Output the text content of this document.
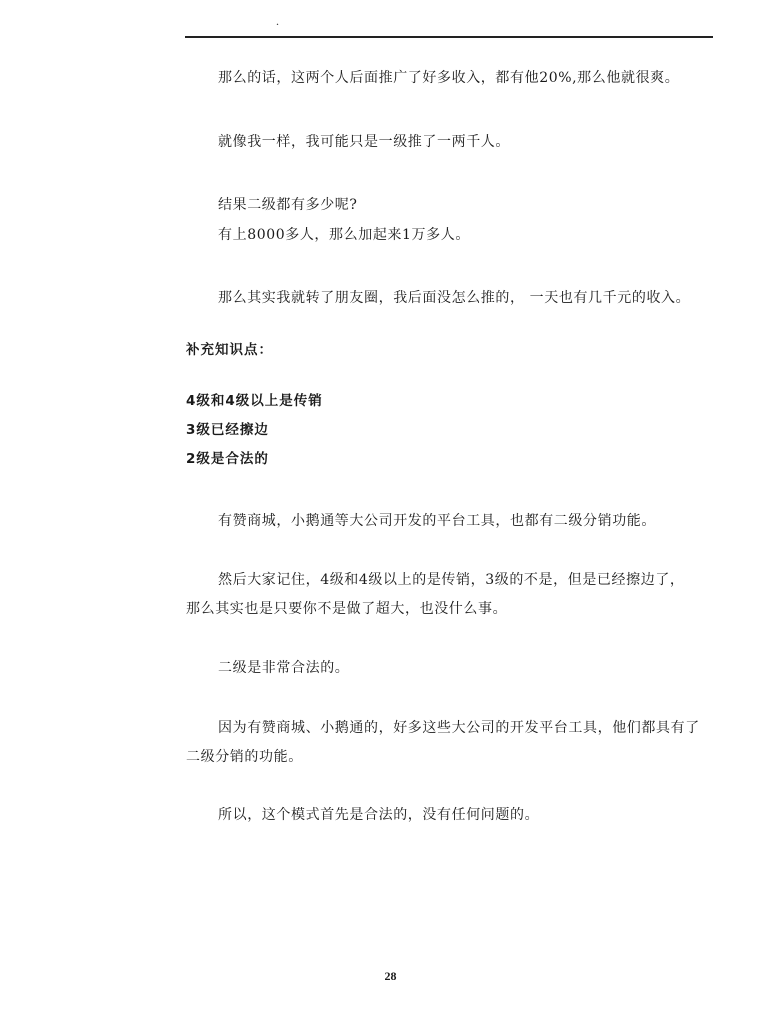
.
那么的话，这两个人后面推广了好多收入，都有他20%,那么他就很爽。
就像我一样，我可能只是一级推了一两千人。
结果二级都有多少呢?
有上8000多人，那么加起来1万多人。
那么其实我就转了朋友圈，我后面没怎么推的， 一天也有几千元的收入。
补充知识点：
4级和4级以上是传销
3级已经擦边
2级是合法的
有赞商城，小鹅通等大公司开发的平台工具，也都有二级分销功能。
然后大家记住，4级和4级以上的是传销，3级的不是，但是已经擦边了，
那么其实也是只要你不是做了超大，也没什么事。
二级是非常合法的。
因为有赞商城、小鹅通的，好多这些大公司的开发平台工具，他们都具有了
二级分销的功能。
所以，这个模式首先是合法的，没有任何问题的。
28
